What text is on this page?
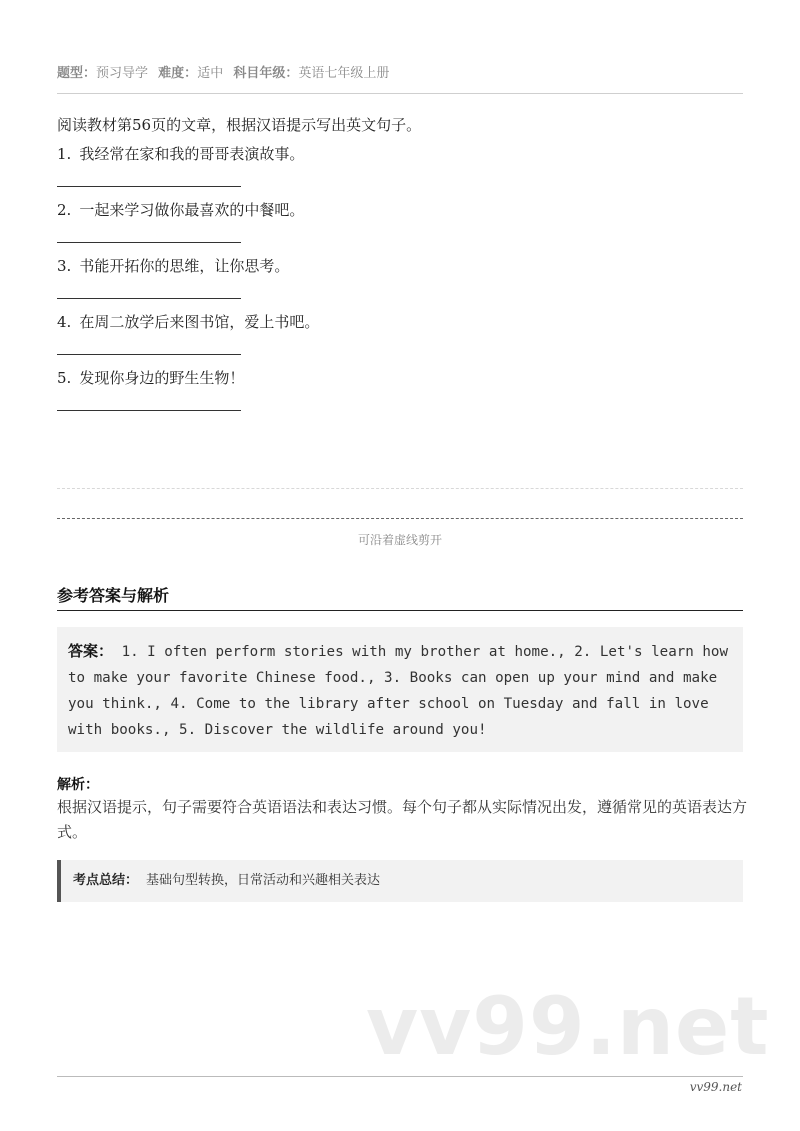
题型：预习导学 难度：适中 科目年级：英语七年级上册
阅读教材第56页的文章，根据汉语提示写出英文句子。
1. 我经常在家和我的哥哥表演故事。
2. 一起来学习做你最喜欢的中餐吧。
3. 书能开拓你的思维，让你思考。
4. 在周二放学后来图书馆，爱上书吧。
5. 发现你身边的野生生物！
可沿着虚线剪开
参考答案与解析
答案： 1. I often perform stories with my brother at home., 2. Let's learn how to make your favorite Chinese food., 3. Books can open up your mind and make you think., 4. Come to the library after school on Tuesday and fall in love with books., 5. Discover the wildlife around you!
解析：
根据汉语提示，句子需要符合英语语法和表达习惯。每个句子都从实际情况出发，遵循常见的英语表达方式。
考点总结： 基础句型转换，日常活动和兴趣相关表达
vv99.net
vv99.net
